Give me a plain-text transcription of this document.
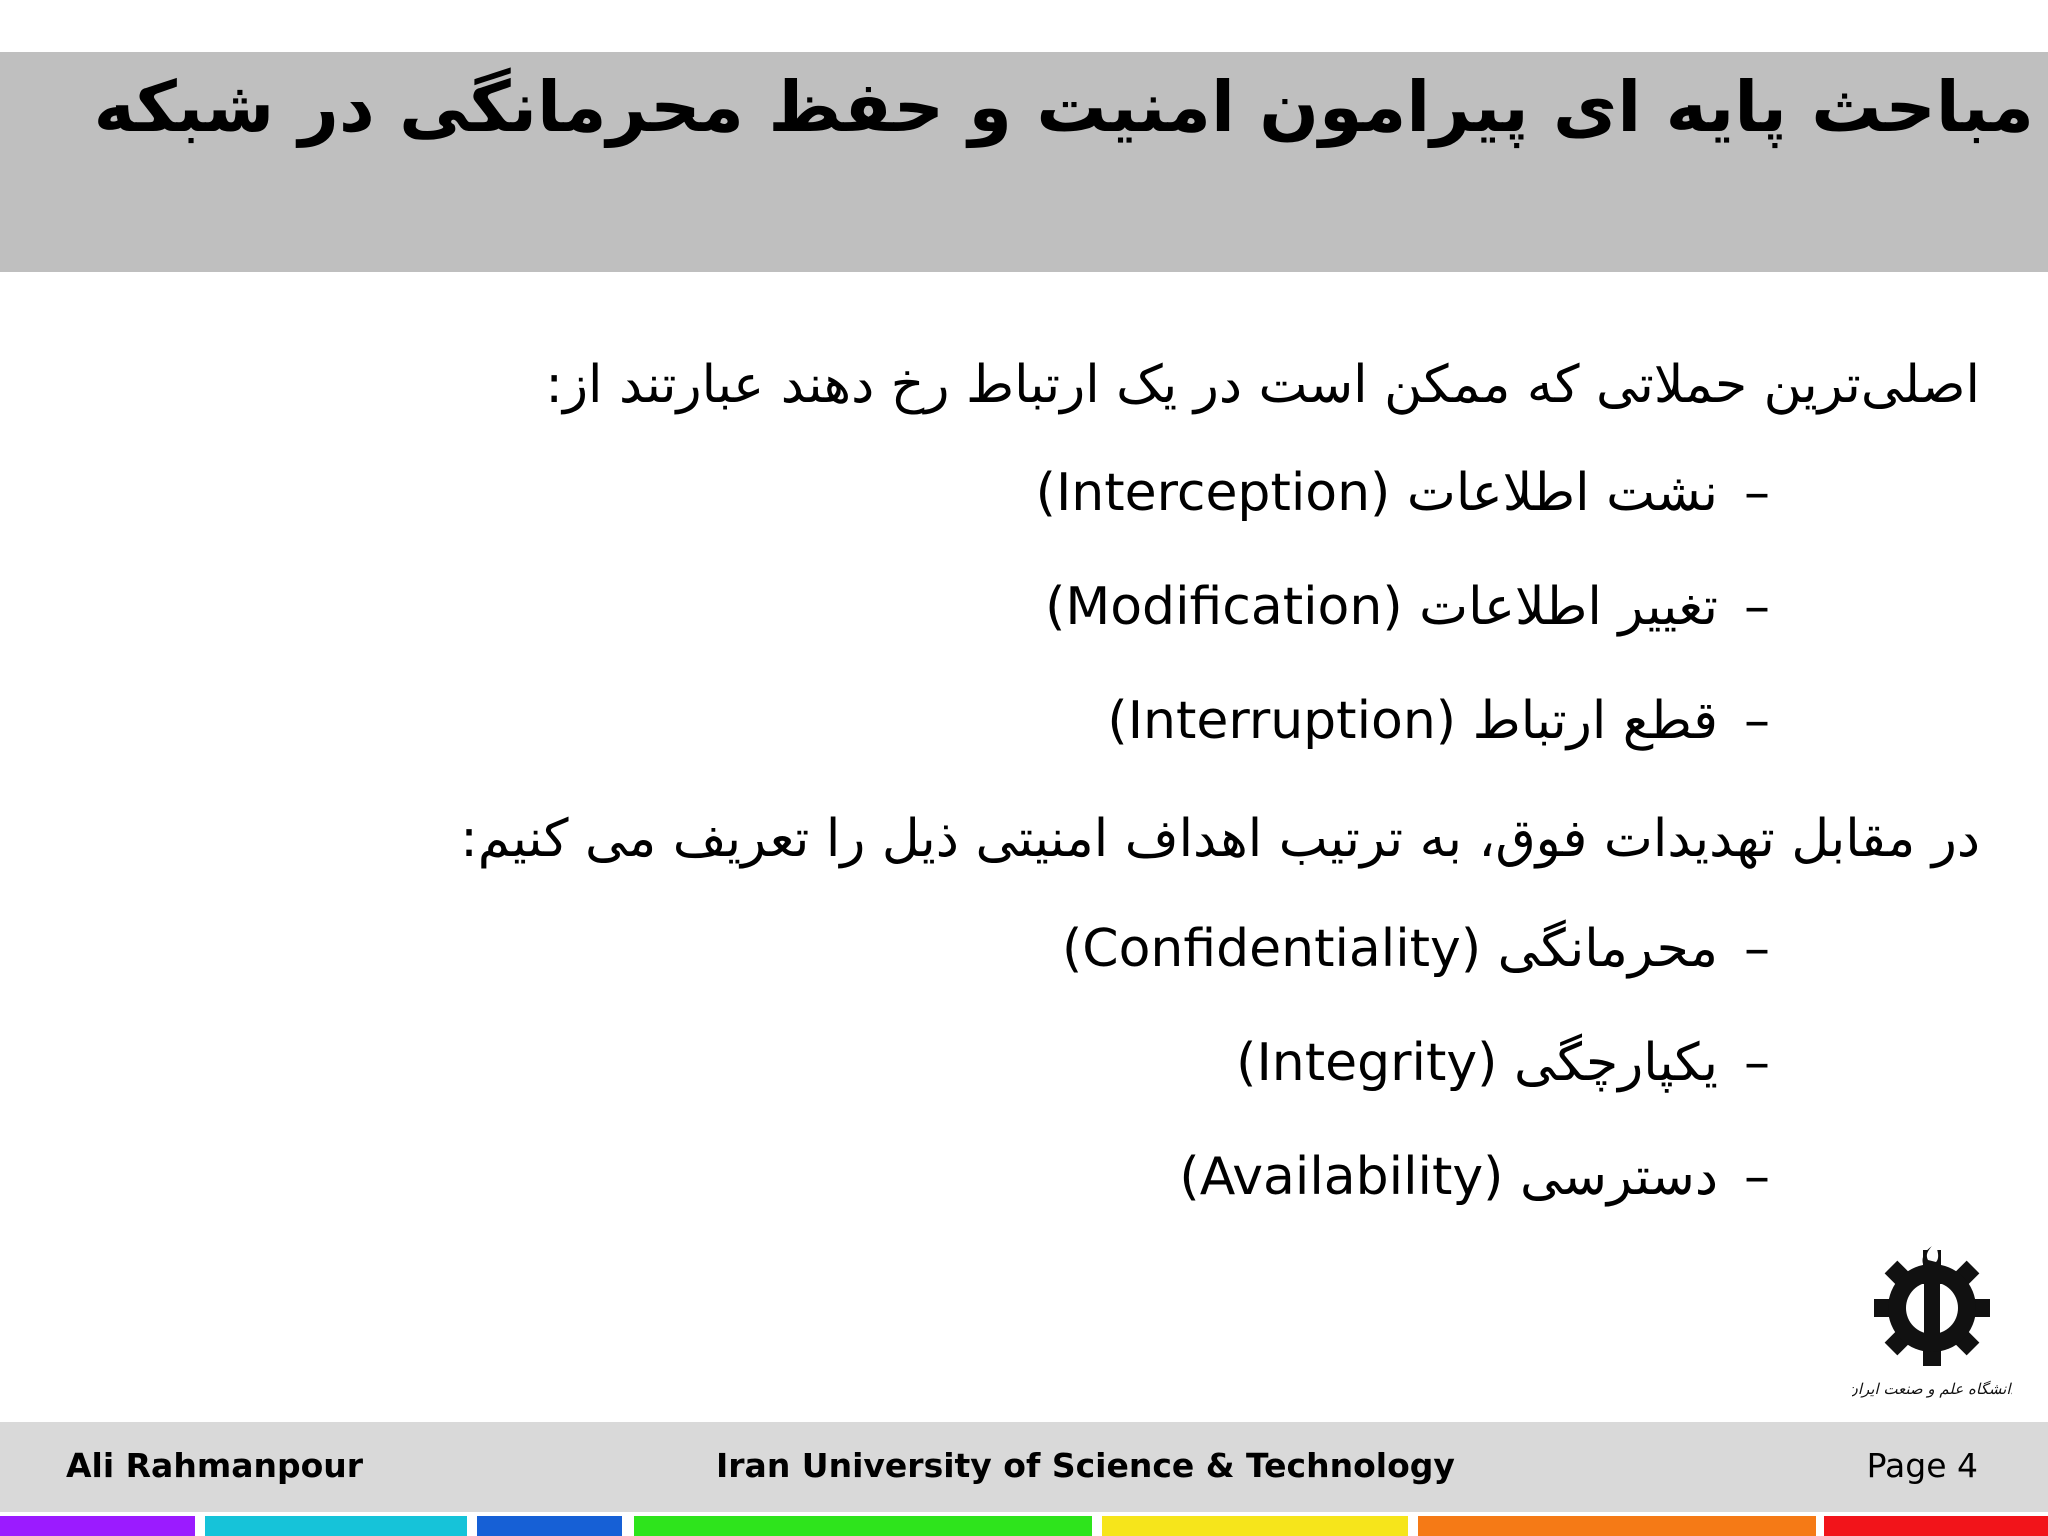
مباحث پایه ای پیرامون امنیت و حفظ محرمانگی در شبکه
اصلی‌ترین حملاتی که ممکن است در یک ارتباط رخ دهند عبارتند از:
–نشت اطلاعات (Interception)
–تغییر اطلاعات (Modification)
–قطع ارتباط (Interruption)
در مقابل تهدیدات فوق، به ترتیب اهداف امنیتی ذیل را تعریف می کنیم:
–محرمانگی (Confidentiality)
–یکپارچگی (Integrity)
–دسترسی (Availability)
دانشگاه علم و صنعت ایران
Ali Rahmanpour	Iran University of Science & Technology	Page 4
